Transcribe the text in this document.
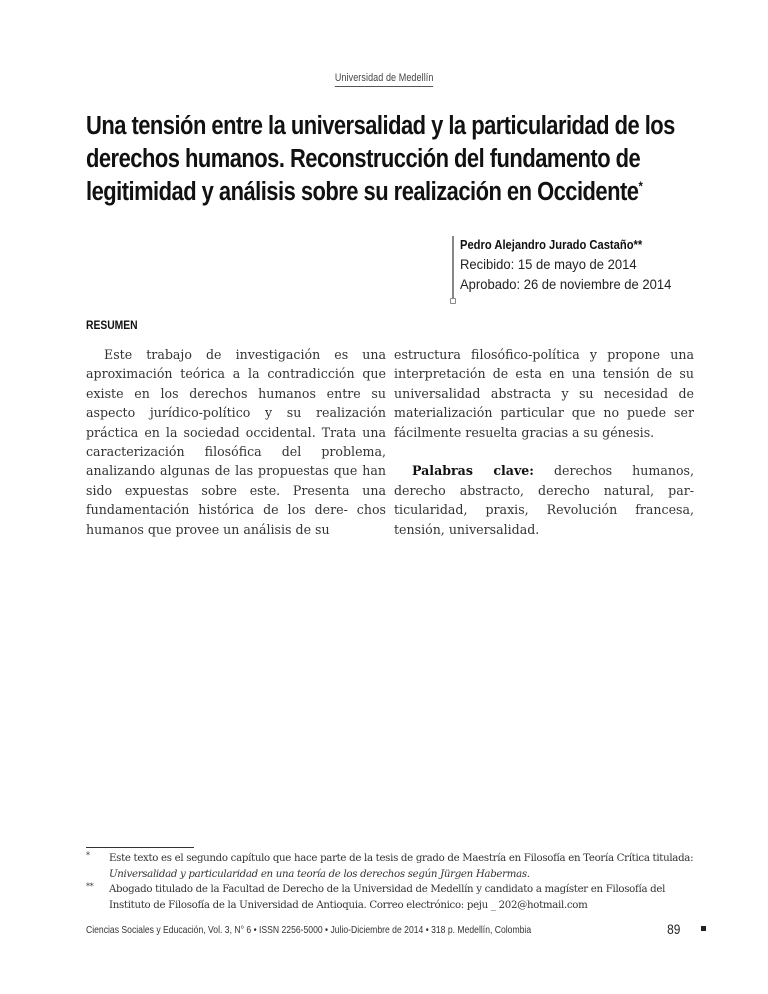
Universidad de Medellín
Una tensión entre la universalidad y la particularidad de los derechos humanos. Reconstrucción del fundamento de legitimidad y análisis sobre su realización en Occidente*
Pedro Alejandro Jurado Castaño**
Recibido: 15 de mayo de 2014
Aprobado: 26 de noviembre de 2014
RESUMEN

Este trabajo de investigación es una aproximación teórica a la contradicción que existe en los derechos humanos entre su aspecto jurídico-político y su realización práctica en la sociedad occidental. Trata una caracterización filosófica del problema, analizando algunas de las propuestas que han sido expuestas sobre este. Presenta una fundamentación histórica de los dere- chos humanos que provee un análisis de su

estructura filosófico-política y propone una interpretación de esta en una tensión de su universalidad abstracta y su necesidad de materialización particular que no puede ser fácilmente resuelta gracias a su génesis.

Palabras clave: derechos humanos, derecho abstracto, derecho natural, par- ticularidad, praxis, Revolución francesa, tensión, universalidad.

* Este texto es el segundo capítulo que hace parte de la tesis de grado de Maestría en Filosofía en Teoría Crítica titulada: Universalidad y particularidad en una teoría de los derechos según Jürgen Habermas.
** Abogado titulado de la Facultad de Derecho de la Universidad de Medellín y candidato a magíster en Filosofía del Instituto de Filosofía de la Universidad de Antioquia. Correo electrónico: peju _ 202@hotmail.com
Ciencias Sociales y Educación, Vol. 3, N° 6 • ISSN 2256-5000 • Julio-Diciembre de 2014 • 318 p. Medellín, Colombia	89
